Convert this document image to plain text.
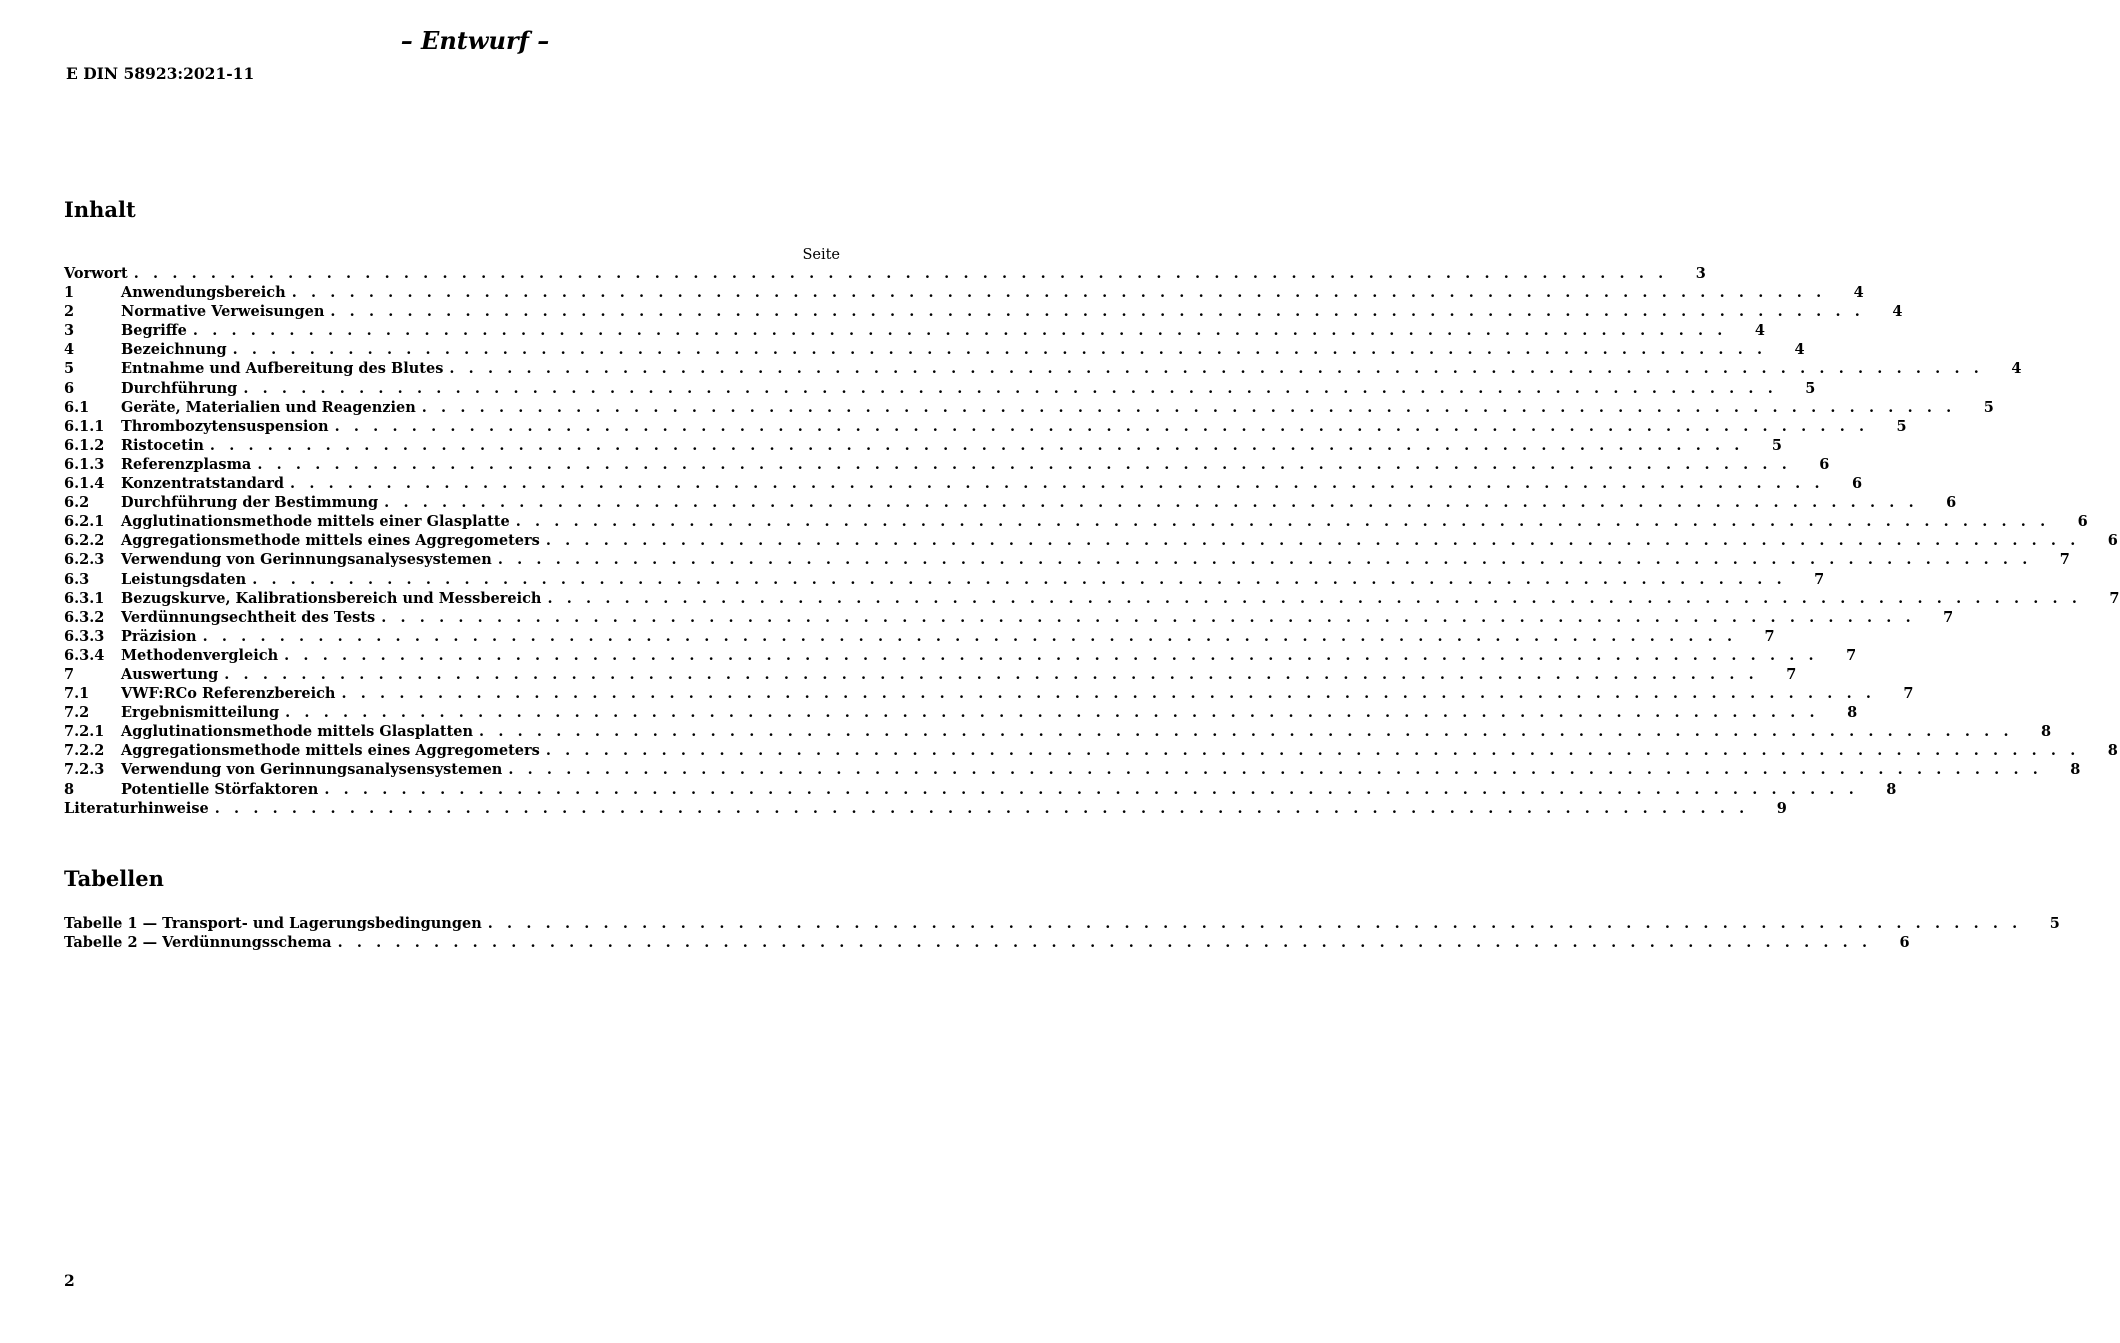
– Entwurf –
E DIN 58923:2021-11
Inhalt
Seite
Vorwort . . . . . . . . . . . . . . . . . . . . . . . . . . . . . . . . . . . . . . . . . . . . . . . . . . . . . . . . . . . . . . . . . . . . . . . . . . . . . . . .	3
1	Anwendungsbereich . . . . . . . . . . . . . . . . . . . . . . . . . . . . . . . . . . . . . . . . . . . . . . . . . . . . . . . . . . . . . . . . . . . . . . . . . . . . . . . .	4
2	Normative Verweisungen . . . . . . . . . . . . . . . . . . . . . . . . . . . . . . . . . . . . . . . . . . . . . . . . . . . . . . . . . . . . . . . . . . . . . . . . . . . . . . . .	4
3	Begriffe . . . . . . . . . . . . . . . . . . . . . . . . . . . . . . . . . . . . . . . . . . . . . . . . . . . . . . . . . . . . . . . . . . . . . . . . . . . . . . . .	4
4	Bezeichnung . . . . . . . . . . . . . . . . . . . . . . . . . . . . . . . . . . . . . . . . . . . . . . . . . . . . . . . . . . . . . . . . . . . . . . . . . . . . . . . .	4
5	Entnahme und Aufbereitung des Blutes . . . . . . . . . . . . . . . . . . . . . . . . . . . . . . . . . . . . . . . . . . . . . . . . . . . . . . . . . . . . . . . . . . . . . . . . . . . . . . . .	4
6	Durchführung . . . . . . . . . . . . . . . . . . . . . . . . . . . . . . . . . . . . . . . . . . . . . . . . . . . . . . . . . . . . . . . . . . . . . . . . . . . . . . . .	5
6.1	Geräte, Materialien und Reagenzien . . . . . . . . . . . . . . . . . . . . . . . . . . . . . . . . . . . . . . . . . . . . . . . . . . . . . . . . . . . . . . . . . . . . . . . . . . . . . . . .	5
6.1.1	Thrombozytensuspension . . . . . . . . . . . . . . . . . . . . . . . . . . . . . . . . . . . . . . . . . . . . . . . . . . . . . . . . . . . . . . . . . . . . . . . . . . . . . . . .	5
6.1.2	Ristocetin . . . . . . . . . . . . . . . . . . . . . . . . . . . . . . . . . . . . . . . . . . . . . . . . . . . . . . . . . . . . . . . . . . . . . . . . . . . . . . . .	5
6.1.3	Referenzplasma . . . . . . . . . . . . . . . . . . . . . . . . . . . . . . . . . . . . . . . . . . . . . . . . . . . . . . . . . . . . . . . . . . . . . . . . . . . . . . . .	6
6.1.4	Konzentratstandard . . . . . . . . . . . . . . . . . . . . . . . . . . . . . . . . . . . . . . . . . . . . . . . . . . . . . . . . . . . . . . . . . . . . . . . . . . . . . . . .	6
6.2	Durchführung der Bestimmung . . . . . . . . . . . . . . . . . . . . . . . . . . . . . . . . . . . . . . . . . . . . . . . . . . . . . . . . . . . . . . . . . . . . . . . . . . . . . . . .	6
6.2.1	Agglutinationsmethode mittels einer Glasplatte . . . . . . . . . . . . . . . . . . . . . . . . . . . . . . . . . . . . . . . . . . . . . . . . . . . . . . . . . . . . . . . . . . . . . . . . . . . . . . . .	6
6.2.2	Aggregationsmethode mittels eines Aggregometers . . . . . . . . . . . . . . . . . . . . . . . . . . . . . . . . . . . . . . . . . . . . . . . . . . . . . . . . . . . . . . . . . . . . . . . . . . . . . . . .	6
6.2.3	Verwendung von Gerinnungsanalysesystemen . . . . . . . . . . . . . . . . . . . . . . . . . . . . . . . . . . . . . . . . . . . . . . . . . . . . . . . . . . . . . . . . . . . . . . . . . . . . . . . .	7
6.3	Leistungsdaten . . . . . . . . . . . . . . . . . . . . . . . . . . . . . . . . . . . . . . . . . . . . . . . . . . . . . . . . . . . . . . . . . . . . . . . . . . . . . . . .	7
6.3.1	Bezugskurve, Kalibrationsbereich und Messbereich . . . . . . . . . . . . . . . . . . . . . . . . . . . . . . . . . . . . . . . . . . . . . . . . . . . . . . . . . . . . . . . . . . . . . . . . . . . . . . . .	7
6.3.2	Verdünnungsechtheit des Tests . . . . . . . . . . . . . . . . . . . . . . . . . . . . . . . . . . . . . . . . . . . . . . . . . . . . . . . . . . . . . . . . . . . . . . . . . . . . . . . .	7
6.3.3	Präzision . . . . . . . . . . . . . . . . . . . . . . . . . . . . . . . . . . . . . . . . . . . . . . . . . . . . . . . . . . . . . . . . . . . . . . . . . . . . . . . .	7
6.3.4	Methodenvergleich . . . . . . . . . . . . . . . . . . . . . . . . . . . . . . . . . . . . . . . . . . . . . . . . . . . . . . . . . . . . . . . . . . . . . . . . . . . . . . . .	7
7	Auswertung . . . . . . . . . . . . . . . . . . . . . . . . . . . . . . . . . . . . . . . . . . . . . . . . . . . . . . . . . . . . . . . . . . . . . . . . . . . . . . . .	7
7.1	VWF:RCo Referenzbereich . . . . . . . . . . . . . . . . . . . . . . . . . . . . . . . . . . . . . . . . . . . . . . . . . . . . . . . . . . . . . . . . . . . . . . . . . . . . . . . .	7
7.2	Ergebnismitteilung . . . . . . . . . . . . . . . . . . . . . . . . . . . . . . . . . . . . . . . . . . . . . . . . . . . . . . . . . . . . . . . . . . . . . . . . . . . . . . . .	8
7.2.1	Agglutinationsmethode mittels Glasplatten . . . . . . . . . . . . . . . . . . . . . . . . . . . . . . . . . . . . . . . . . . . . . . . . . . . . . . . . . . . . . . . . . . . . . . . . . . . . . . . .	8
7.2.2	Aggregationsmethode mittels eines Aggregometers . . . . . . . . . . . . . . . . . . . . . . . . . . . . . . . . . . . . . . . . . . . . . . . . . . . . . . . . . . . . . . . . . . . . . . . . . . . . . . . .	8
7.2.3	Verwendung von Gerinnungsanalysensystemen . . . . . . . . . . . . . . . . . . . . . . . . . . . . . . . . . . . . . . . . . . . . . . . . . . . . . . . . . . . . . . . . . . . . . . . . . . . . . . . .	8
8	Potentielle Störfaktoren . . . . . . . . . . . . . . . . . . . . . . . . . . . . . . . . . . . . . . . . . . . . . . . . . . . . . . . . . . . . . . . . . . . . . . . . . . . . . . . .	8
Literaturhinweise . . . . . . . . . . . . . . . . . . . . . . . . . . . . . . . . . . . . . . . . . . . . . . . . . . . . . . . . . . . . . . . . . . . . . . . . . . . . . . . .	9
Tabellen
Tabelle 1 — Transport- und Lagerungsbedingungen . . . . . . . . . . . . . . . . . . . . . . . . . . . . . . . . . . . . . . . . . . . . . . . . . . . . . . . . . . . . . . . . . . . . . . . . . . . . . . . .	5
Tabelle 2 — Verdünnungsschema . . . . . . . . . . . . . . . . . . . . . . . . . . . . . . . . . . . . . . . . . . . . . . . . . . . . . . . . . . . . . . . . . . . . . . . . . . . . . . . .	6
2
